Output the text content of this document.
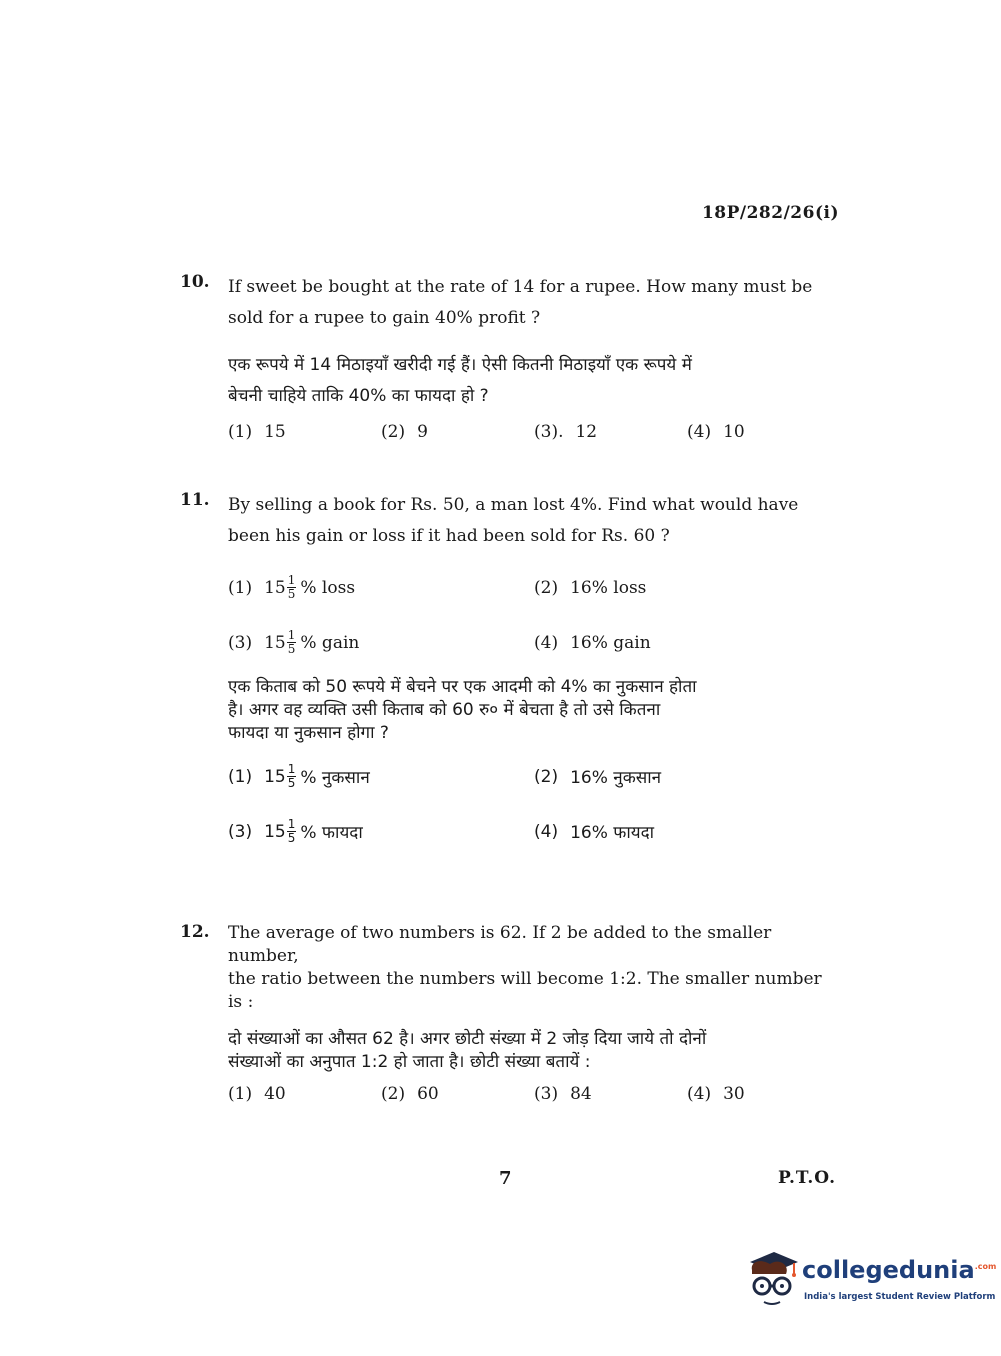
18P/282/26(i)
10.	If sweet be bought at the rate of 14 for a rupee. How many must be

sold for a rupee to gain 40% profit ?

एक रूपये में 14 मिठाइयाँ खरीदी गई हैं। ऐसी कितनी मिठाइयाँ एक रूपये में

बेचनी चाहिये ताकि 40% का फायदा हो ?

(1) 15	(2) 9	(3). 12	(4) 10
11.	By selling a book for Rs. 50, a man lost 4%. Find what would have

been his gain or loss if it had been sold for Rs. 60 ?

(1) $15 \frac{1}{5}$ % loss	(2) 16% loss
(3) $15 \frac{1}{5}$ % gain	(4) 16% gain

एक किताब को 50 रूपये में बेचने पर एक आदमी को 4% का नुकसान होता

है। अगर वह व्यक्ति उसी किताब को 60 रु० में बेचता है तो उसे कितना

फायदा या नुकसान होगा ?

(1) $15 \frac{1}{5}$ % नुकसान	(2) 16% नुकसान
(3) $15 \frac{1}{5}$ % फायदा	(4) 16% फायदा
12.	The average of two numbers is 62. If 2 be added to the smaller number,

the ratio between the numbers will become 1:2. The smaller number

is :

दो संख्याओं का औसत 62 है। अगर छोटी संख्या में 2 जोड़ दिया जाये तो दोनों

संख्याओं का अनुपात 1:2 हो जाता है। छोटी संख्या बतायें :

(1) 40	(2) 60	(3) 84	(4) 30
7	P.T.O.
collegedunia$^{.com}$
India's largest Student Review Platform
